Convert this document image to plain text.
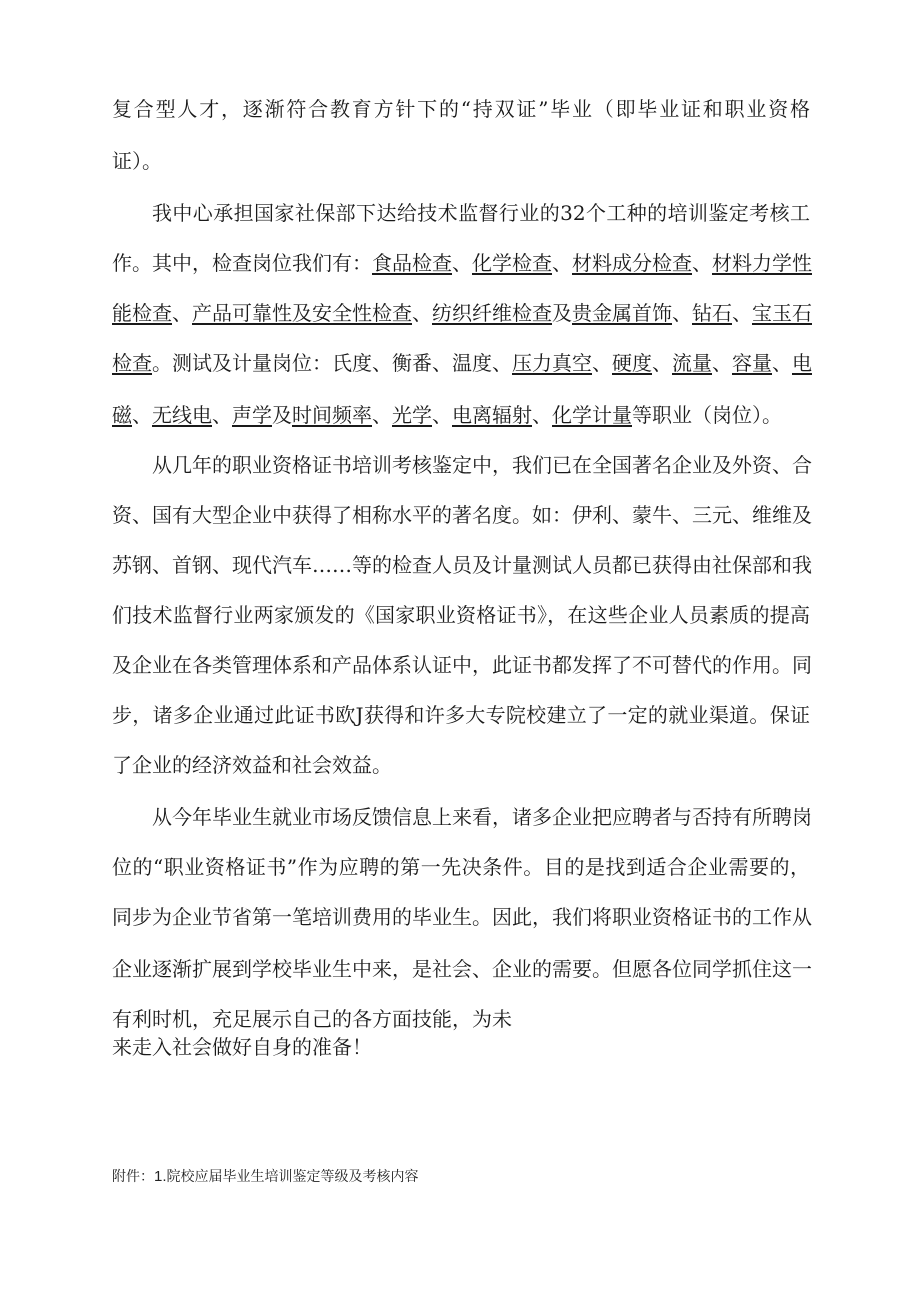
复合型人才，逐渐符合教育方针下的“持双证”毕业（即毕业证和职业资格

证）。

我中心承担国家社保部下达给技术监督行业的32个工种的培训鉴定考核工

作。其中，检查岗位我们有：食品检查、化学检查、材料成分检查、材料力学性

能检查、产品可靠性及安全性检查、纺织纤维检查及贵金属首饰、钻石、宝玉石

检查。测试及计量岗位：氏度、衡番、温度、压力真空、硬度、流量、容量、电

磁、无线电、声学及时间频率、光学、电离辐射、化学计量等职业（岗位）。

从几年的职业资格证书培训考核鉴定中，我们已在全国著名企业及外资、合

资、国有大型企业中获得了相称水平的著名度。如：伊利、蒙牛、三元、维维及

苏钢、首钢、现代汽车……等的检查人员及计量测试人员都已获得由社保部和我

们技术监督行业两家颁发的《国家职业资格证书》，在这些企业人员素质的提高

及企业在各类管理体系和产品体系认证中，此证书都发挥了不可替代的作用。同

步，诸多企业通过此证书欧J获得和许多大专院校建立了一定的就业渠道。保证

了企业的经济效益和社会效益。

从今年毕业生就业市场反馈信息上来看，诸多企业把应聘者与否持有所聘岗

位的“职业资格证书”作为应聘的第一先决条件。目的是找到适合企业需要的，

同步为企业节省第一笔培训费用的毕业生。因此，我们将职业资格证书的工作从

企业逐渐扩展到学校毕业生中来，是社会、企业的需要。但愿各位同学抓住这一

有利时机，充足展示自己的各方面技能，为未

来走入社会做好自身的准备！

附件：1.院校应届毕业生培训鉴定等级及考核内容
